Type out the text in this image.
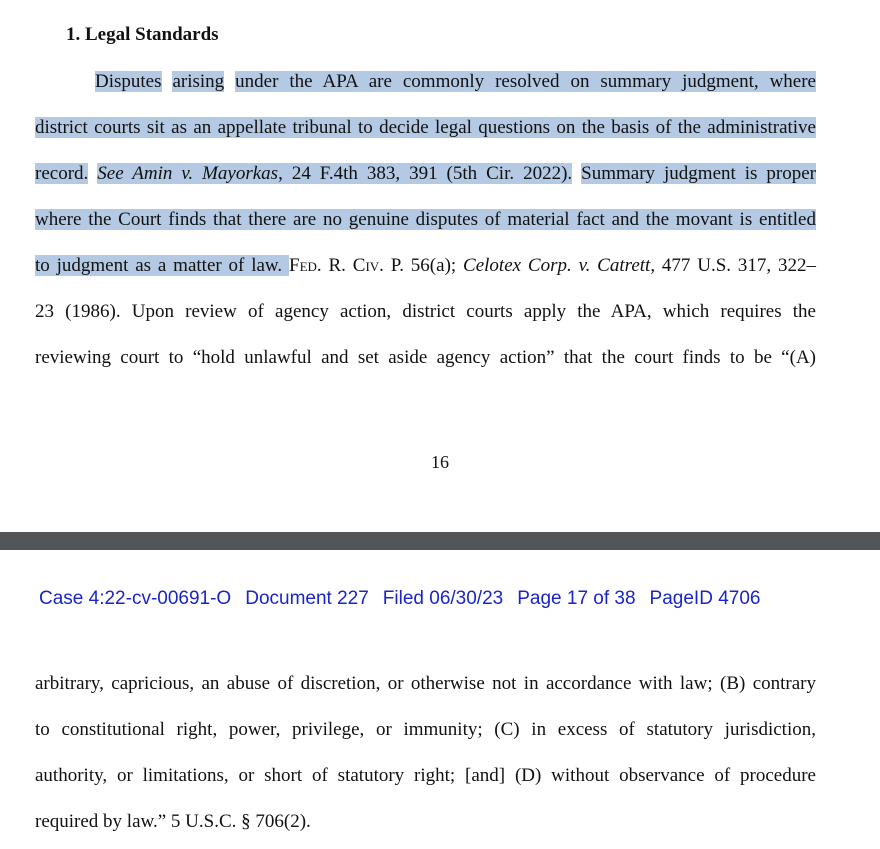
1. Legal Standards
Disputes arising under the APA are commonly resolved on summary judgment, where
district courts sit as an appellate tribunal to decide legal questions on the basis of the administrative
record. See Amin v. Mayorkas, 24 F.4th 383, 391 (5th Cir. 2022). Summary judgment is proper
where the Court finds that there are no genuine disputes of material fact and the movant is entitled
to judgment as a matter of law. Fed. R. Civ. P. 56(a); Celotex Corp. v. Catrett, 477 U.S. 317, 322–
23 (1986). Upon review of agency action, district courts apply the APA, which requires the
reviewing court to “hold unlawful and set aside agency action” that the court finds to be “(A)
16
Case 4:22-cv-00691-O Document 227 Filed 06/30/23 Page 17 of 38 PageID 4706
arbitrary, capricious, an abuse of discretion, or otherwise not in accordance with law; (B) contrary
to constitutional right, power, privilege, or immunity; (C) in excess of statutory jurisdiction,
authority, or limitations, or short of statutory right; [and] (D) without observance of procedure
required by law.” 5 U.S.C. § 706(2).
